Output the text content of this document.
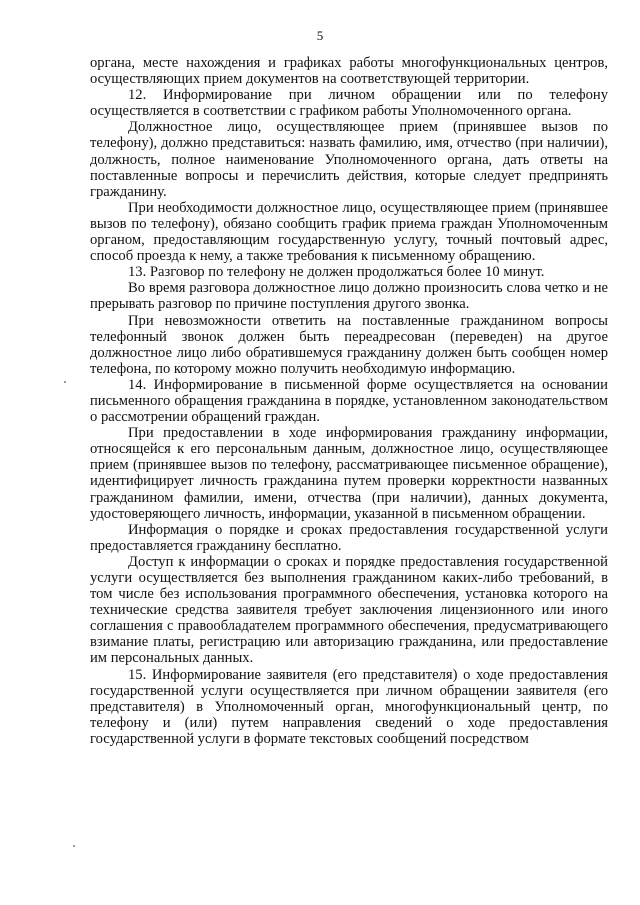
5

органа, месте нахождения и графиках работы многофункциональных центров, осуществляющих прием документов на соответствующей территории.

12. Информирование при личном обращении или по телефону осуществляется в соответствии с графиком работы Уполномоченного органа.

Должностное лицо, осуществляющее прием (принявшее вызов по телефону), должно представиться: назвать фамилию, имя, отчество (при наличии), должность, полное наименование Уполномоченного органа, дать ответы на поставленные вопросы и перечислить действия, которые следует предпринять гражданину.

При необходимости должностное лицо, осуществляющее прием (принявшее вызов по телефону), обязано сообщить график приема граждан Уполномоченным органом, предоставляющим государственную услугу, точный почтовый адрес, способ проезда к нему, а также требования к письменному обращению.

13. Разговор по телефону не должен продолжаться более 10 минут.

Во время разговора должностное лицо должно произносить слова четко и не прерывать разговор по причине поступления другого звонка.

При невозможности ответить на поставленные гражданином вопросы телефонный звонок должен быть переадресован (переведен) на другое должностное лицо либо обратившемуся гражданину должен быть сообщен номер телефона, по которому можно получить необходимую информацию.

14. Информирование в письменной форме осуществляется на основании письменного обращения гражданина в порядке, установленном законодательством о рассмотрении обращений граждан.

При предоставлении в ходе информирования гражданину информации, относящейся к его персональным данным, должностное лицо, осуществляющее прием (принявшее вызов по телефону, рассматривающее письменное обращение), идентифицирует личность гражданина путем проверки корректности названных гражданином фамилии, имени, отчества (при наличии), данных документа, удостоверяющего личность, информации, указанной в письменном обращении.

Информация о порядке и сроках предоставления государственной услуги предоставляется гражданину бесплатно.

Доступ к информации о сроках и порядке предоставления государственной услуги осуществляется без выполнения гражданином каких-либо требований, в том числе без использования программного обеспечения, установка которого на технические средства заявителя требует заключения лицензионного или иного соглашения с правообладателем программного обеспечения, предусматривающего взимание платы, регистрацию или авторизацию гражданина, или предоставление им персональных данных.

15. Информирование заявителя (его представителя) о ходе предоставления государственной услуги осуществляется при личном обращении заявителя (его представителя) в Уполномоченный орган, многофункциональный центр, по телефону и (или) путем направления сведений о ходе предоставления государственной услуги в формате текстовых сообщений посредством
